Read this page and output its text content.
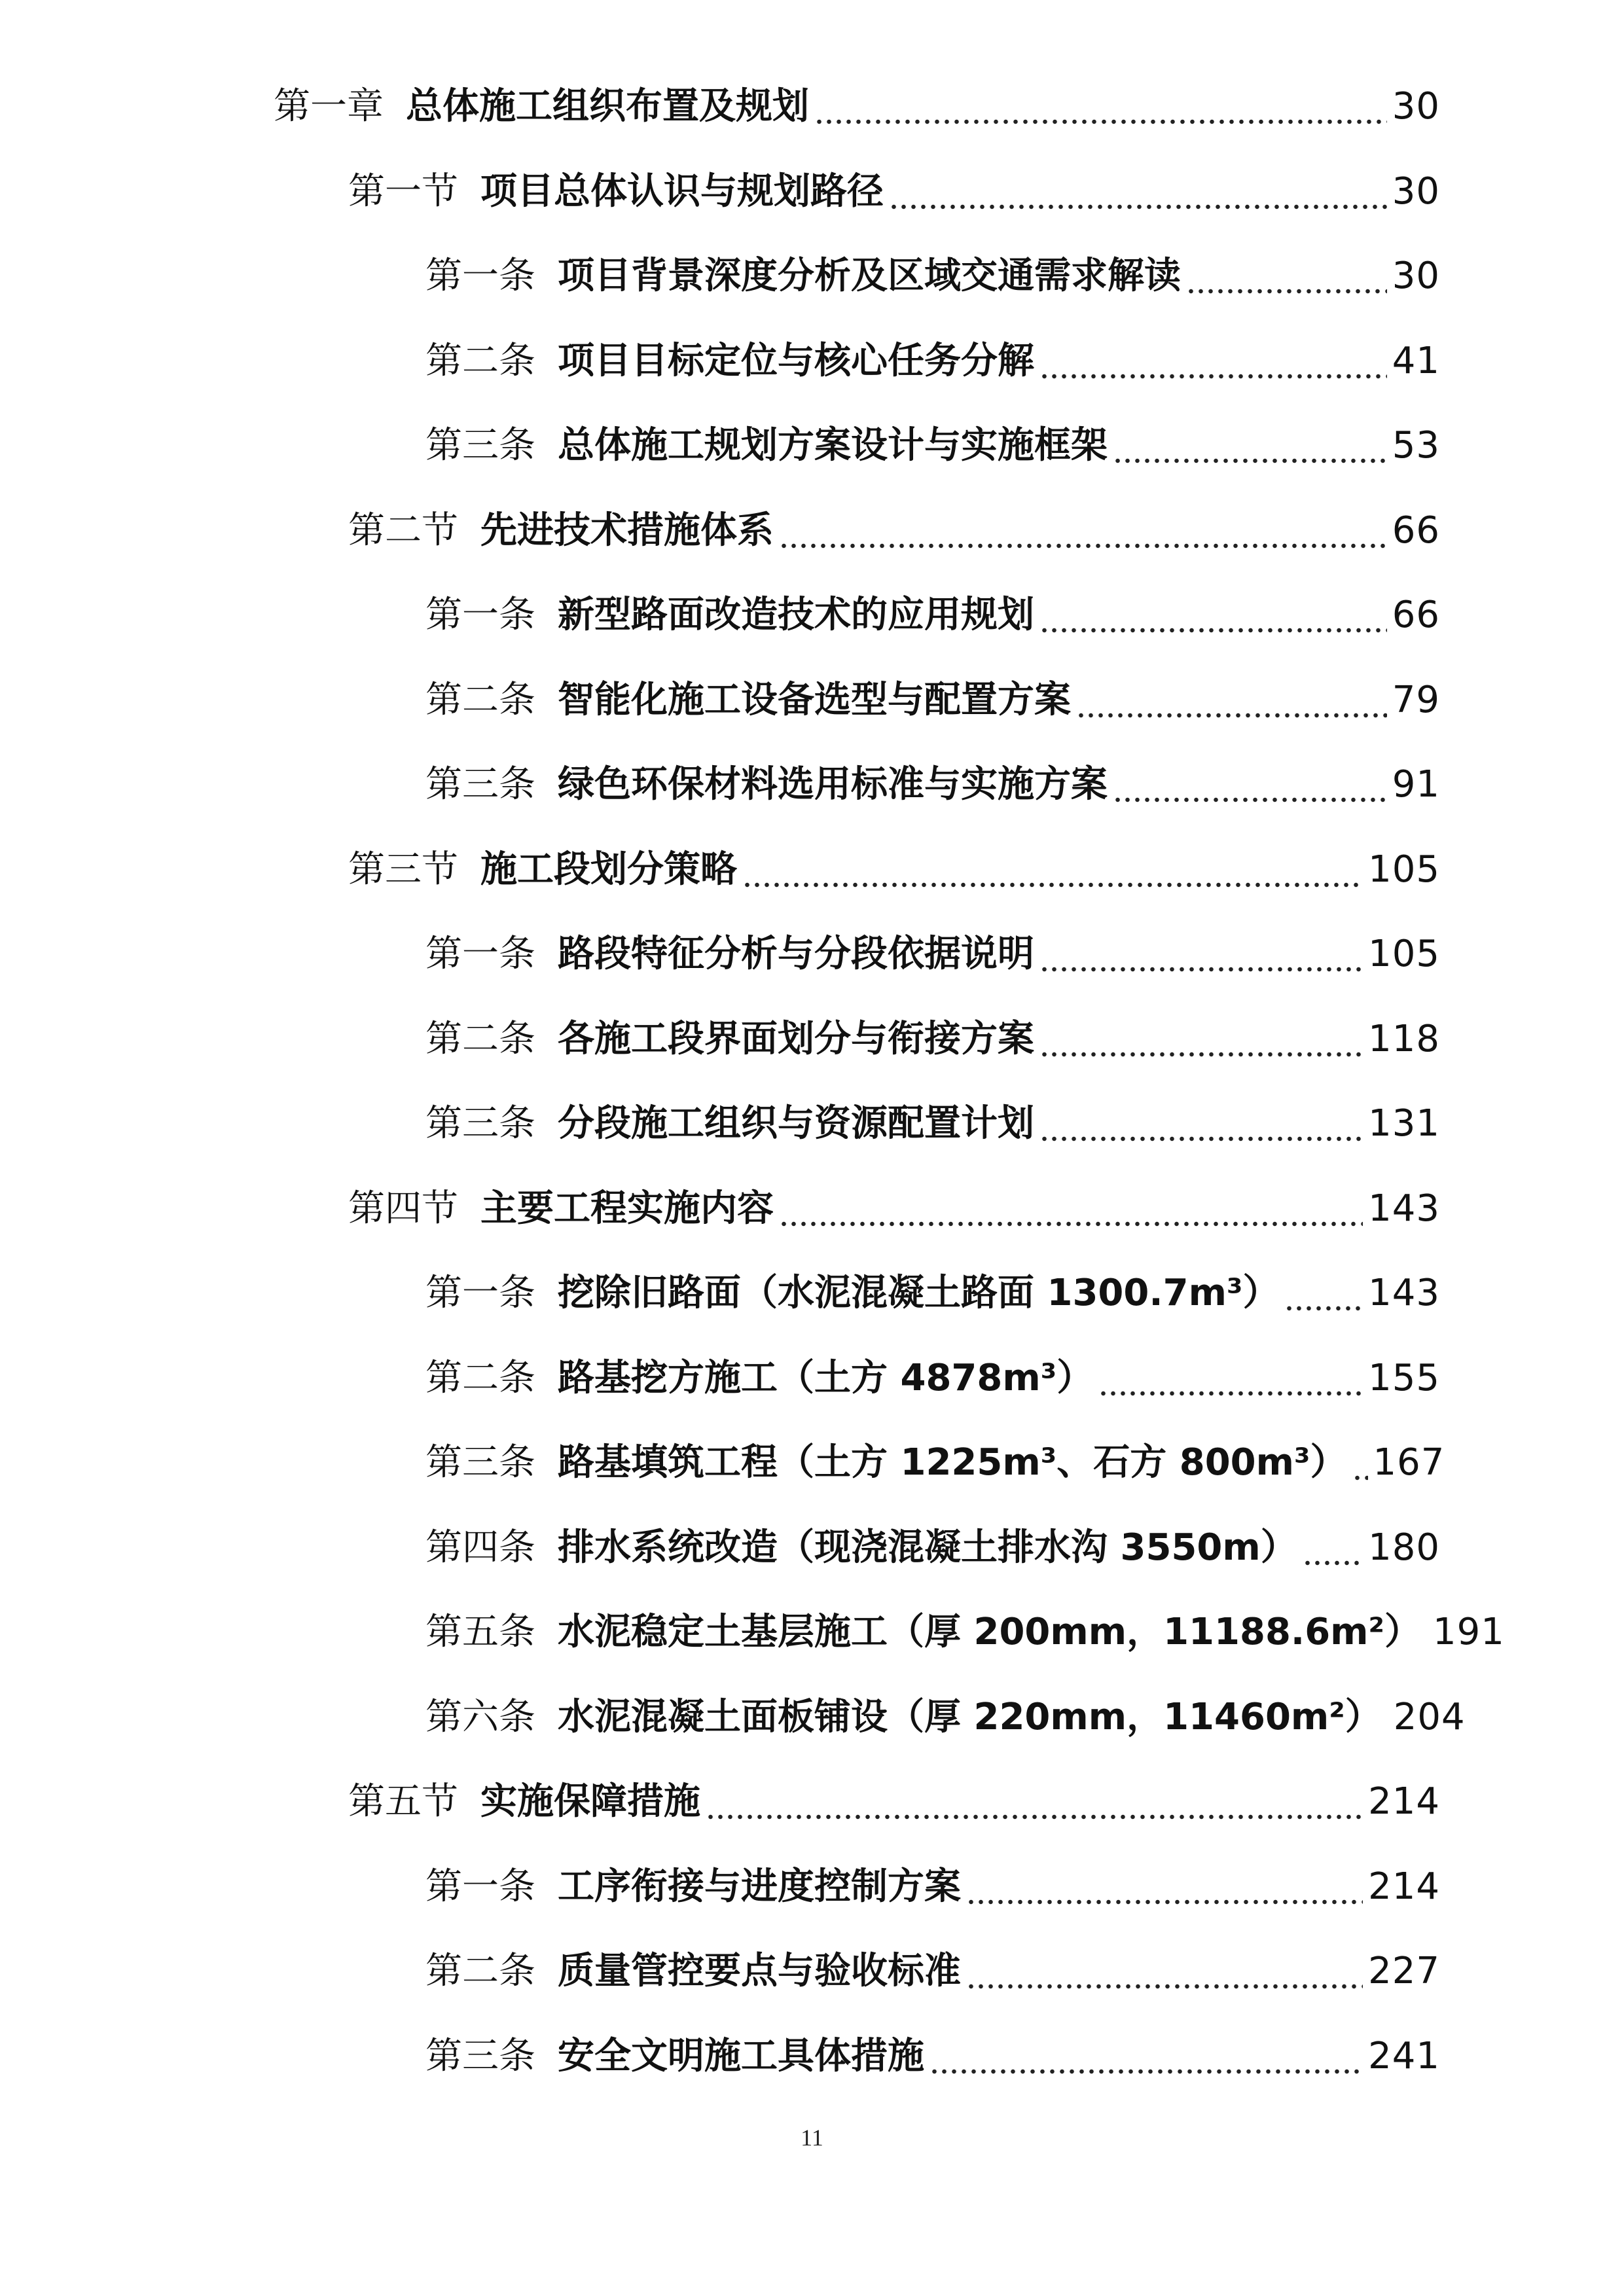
第一章 总体施工组织布置及规划	30
第一节 项目总体认识与规划路径	30
第一条 项目背景深度分析及区域交通需求解读	30
第二条 项目目标定位与核心任务分解	41
第三条 总体施工规划方案设计与实施框架	53
第二节 先进技术措施体系	66
第一条 新型路面改造技术的应用规划	66
第二条 智能化施工设备选型与配置方案	79
第三条 绿色环保材料选用标准与实施方案	91
第三节 施工段划分策略	105
第一条 路段特征分析与分段依据说明	105
第二条 各施工段界面划分与衔接方案	118
第三条 分段施工组织与资源配置计划	131
第四节 主要工程实施内容	143
第一条 挖除旧路面（水泥混凝土路面 1300.7m³） 143
第二条 路基挖方施工（土方 4878m³）	155
第三条 路基填筑工程（土方 1225m³、石方 800m³） 167
第四条 排水系统改造（现浇混凝土排水沟 3550m） 180
第五条 水泥稳定土基层施工（厚 200mm，11188.6m²） 191
第六条 水泥混凝土面板铺设（厚 220mm，11460m²） 204
第五节 实施保障措施	214
第一条 工序衔接与进度控制方案	214
第二条 质量管控要点与验收标准	227
第三条 安全文明施工具体措施	241
11
